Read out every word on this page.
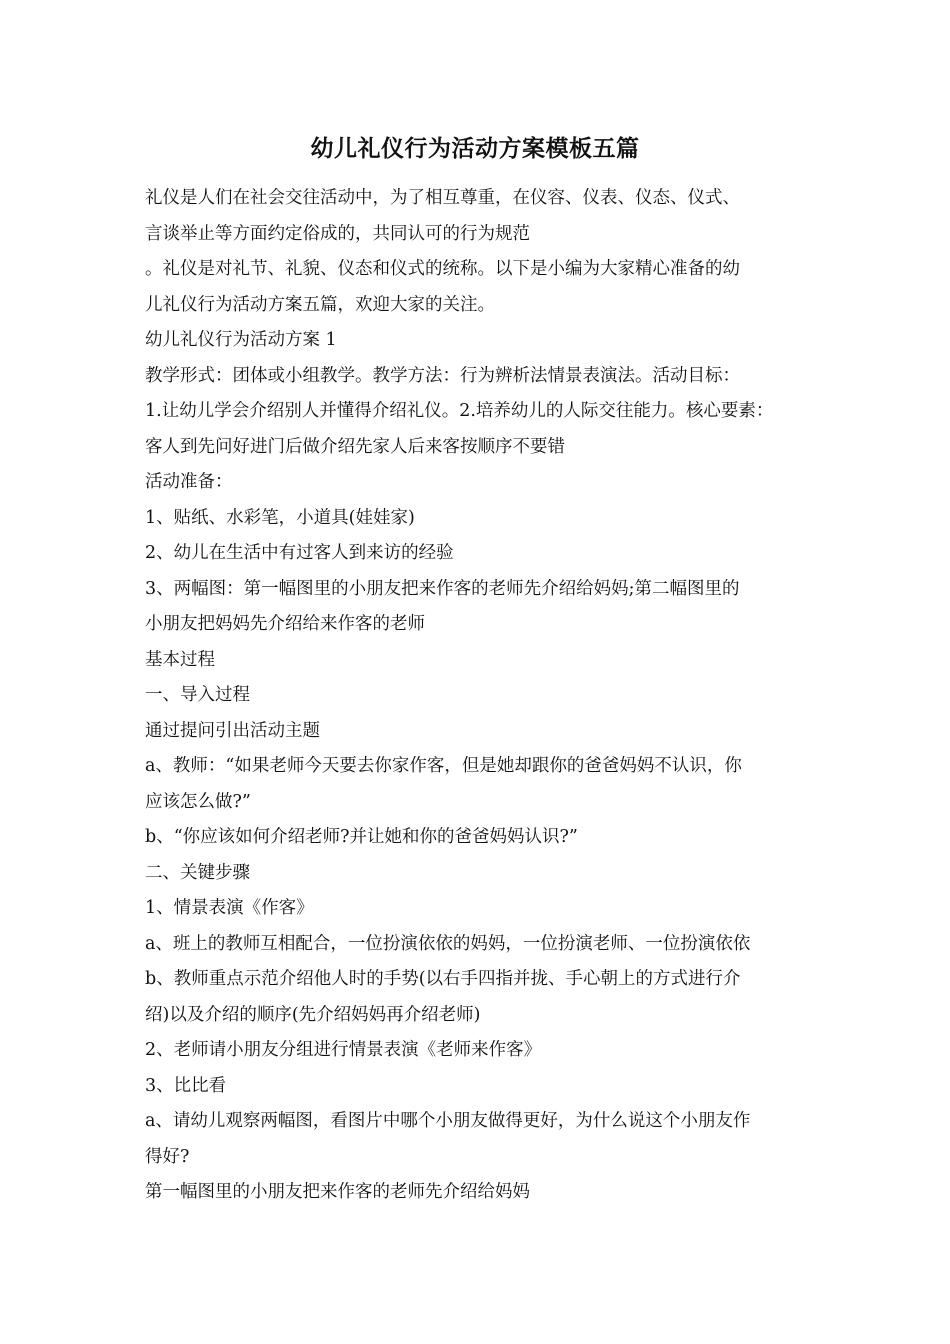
幼儿礼仪行为活动方案模板五篇

礼仪是人们在社会交往活动中，为了相互尊重，在仪容、仪表、仪态、仪式、

言谈举止等方面约定俗成的，共同认可的行为规范

。礼仪是对礼节、礼貌、仪态和仪式的统称。以下是小编为大家精心准备的幼

儿礼仪行为活动方案五篇，欢迎大家的关注。

幼儿礼仪行为活动方案 1

教学形式：团体或小组教学。教学方法：行为辨析法情景表演法。活动目标：

1.让幼儿学会介绍别人并懂得介绍礼仪。2.培养幼儿的人际交往能力。核心要素：

客人到先问好进门后做介绍先家人后来客按顺序不要错

活动准备：

1、贴纸、水彩笔，小道具(娃娃家)

2、幼儿在生活中有过客人到来访的经验

3、两幅图：第一幅图里的小朋友把来作客的老师先介绍给妈妈;第二幅图里的

小朋友把妈妈先介绍给来作客的老师

基本过程

一、导入过程

通过提问引出活动主题

a、教师：“如果老师今天要去你家作客，但是她却跟你的爸爸妈妈不认识，你

应该怎么做?”

b、“你应该如何介绍老师?并让她和你的爸爸妈妈认识?”

二、关键步骤

1、情景表演《作客》

a、班上的教师互相配合，一位扮演依依的妈妈，一位扮演老师、一位扮演依依

b、教师重点示范介绍他人时的手势(以右手四指并拢、手心朝上的方式进行介

绍)以及介绍的顺序(先介绍妈妈再介绍老师)

2、老师请小朋友分组进行情景表演《老师来作客》

3、比比看

a、请幼儿观察两幅图，看图片中哪个小朋友做得更好，为什么说这个小朋友作

得好?

第一幅图里的小朋友把来作客的老师先介绍给妈妈
